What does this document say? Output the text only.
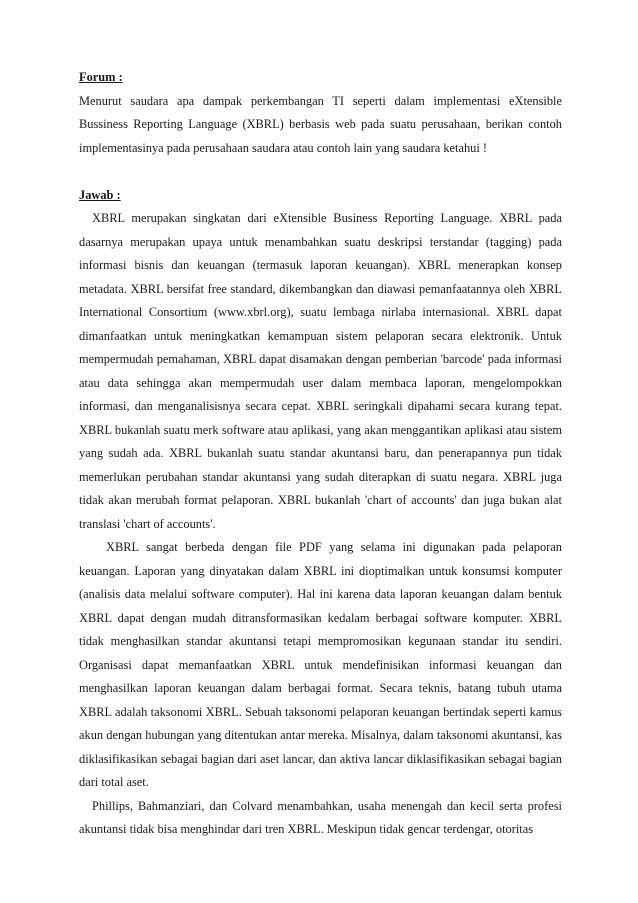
Forum :

Menurut saudara apa dampak perkembangan TI seperti dalam implementasi eXtensible Bussiness Reporting Language (XBRL) berbasis web pada suatu perusahaan, berikan contoh implementasinya pada perusahaan saudara atau contoh lain yang saudara ketahui !

Jawab :

XBRL merupakan singkatan dari eXtensible Business Reporting Language. XBRL pada dasarnya merupakan upaya untuk menambahkan suatu deskripsi terstandar (tagging) pada informasi bisnis dan keuangan (termasuk laporan keuangan). XBRL menerapkan konsep metadata. XBRL bersifat free standard, dikembangkan dan diawasi pemanfaatannya oleh XBRL International Consortium (www.xbrl.org), suatu lembaga nirlaba internasional. XBRL dapat dimanfaatkan untuk meningkatkan kemampuan sistem pelaporan secara elektronik. Untuk mempermudah pemahaman, XBRL dapat disamakan dengan pemberian 'barcode' pada informasi atau data sehingga akan mempermudah user dalam membaca laporan, mengelompokkan informasi, dan menganalisisnya secara cepat. XBRL seringkali dipahami secara kurang tepat. XBRL bukanlah suatu merk software atau aplikasi, yang akan menggantikan aplikasi atau sistem yang sudah ada. XBRL bukanlah suatu standar akuntansi baru, dan penerapannya pun tidak memerlukan perubahan standar akuntansi yang sudah diterapkan di suatu negara. XBRL juga tidak akan merubah format pelaporan. XBRL bukanlah 'chart of accounts' dan juga bukan alat translasi 'chart of accounts'.

XBRL sangat berbeda dengan file PDF yang selama ini digunakan pada pelaporan keuangan. Laporan yang dinyatakan dalam XBRL ini dioptimalkan untuk konsumsi komputer (analisis data melalui software computer). Hal ini karena data laporan keuangan dalam bentuk XBRL dapat dengan mudah ditransformasikan kedalam berbagai software komputer. XBRL tidak menghasilkan standar akuntansi tetapi mempromosikan kegunaan standar itu sendiri. Organisasi dapat memanfaatkan XBRL untuk mendefinisikan informasi keuangan dan menghasilkan laporan keuangan dalam berbagai format. Secara teknis, batang tubuh utama XBRL adalah taksonomi XBRL. Sebuah taksonomi pelaporan keuangan bertindak seperti kamus akun dengan hubungan yang ditentukan antar mereka. Misalnya, dalam taksonomi akuntansi, kas diklasifikasikan sebagai bagian dari aset lancar, dan aktiva lancar diklasifikasikan sebagai bagian dari total aset.

Phillips, Bahmanziari, dan Colvard menambahkan, usaha menengah dan kecil serta profesi akuntansi tidak bisa menghindar dari tren XBRL. Meskipun tidak gencar terdengar, otoritas
